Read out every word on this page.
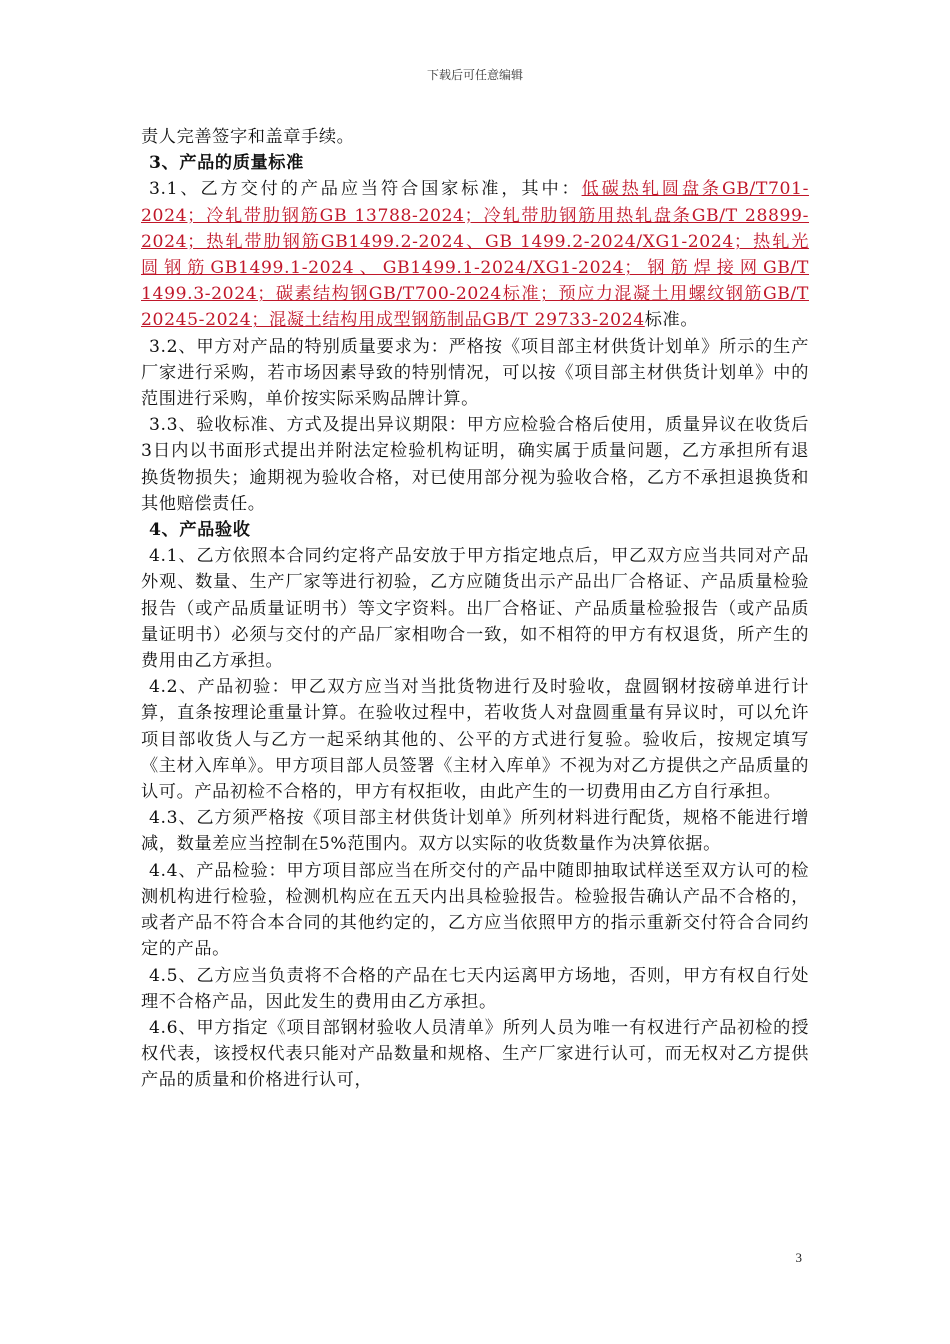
下载后可任意编辑

责人完善签字和盖章手续。

3、产品的质量标准

3.1、乙方交付的产品应当符合国家标准，其中：低碳热轧圆盘条GB/T701-2024；冷轧带肋钢筋GB 13788-2024；冷轧带肋钢筋用热轧盘条GB/T 28899-2024；热轧带肋钢筋GB1499.2-2024、GB 1499.2-2024/XG1-2024；热轧光圆钢筋GB1499.1-2024、GB1499.1-2024/XG1-2024；钢筋焊接网GB/T 1499.3-2024；碳素结构钢GB/T700-2024标准；预应力混凝土用螺纹钢筋GB/T 20245-2024；混凝土结构用成型钢筋制品GB/T 29733-2024标准。

3.2、甲方对产品的特别质量要求为：严格按《项目部主材供货计划单》所示的生产厂家进行采购，若市场因素导致的特别情况，可以按《项目部主材供货计划单》中的范围进行采购，单价按实际采购品牌计算。

3.3、验收标准、方式及提出异议期限：甲方应检验合格后使用，质量异议在收货后3日内以书面形式提出并附法定检验机构证明，确实属于质量问题，乙方承担所有退换货物损失；逾期视为验收合格，对已使用部分视为验收合格，乙方不承担退换货和其他赔偿责任。

4、产品验收

4.1、乙方依照本合同约定将产品安放于甲方指定地点后，甲乙双方应当共同对产品外观、数量、生产厂家等进行初验，乙方应随货出示产品出厂合格证、产品质量检验报告（或产品质量证明书）等文字资料。出厂合格证、产品质量检验报告（或产品质量证明书）必须与交付的产品厂家相吻合一致，如不相符的甲方有权退货，所产生的费用由乙方承担。

4.2、产品初验：甲乙双方应当对当批货物进行及时验收，盘圆钢材按磅单进行计算，直条按理论重量计算。在验收过程中，若收货人对盘圆重量有异议时，可以允许项目部收货人与乙方一起采纳其他的、公平的方式进行复验。验收后，按规定填写《主材入库单》。甲方项目部人员签署《主材入库单》不视为对乙方提供之产品质量的认可。产品初检不合格的，甲方有权拒收，由此产生的一切费用由乙方自行承担。

4.3、乙方须严格按《项目部主材供货计划单》所列材料进行配货，规格不能进行增减，数量差应当控制在5%范围内。双方以实际的收货数量作为决算依据。

4.4、产品检验：甲方项目部应当在所交付的产品中随即抽取试样送至双方认可的检测机构进行检验，检测机构应在五天内出具检验报告。检验报告确认产品不合格的，或者产品不符合本合同的其他约定的，乙方应当依照甲方的指示重新交付符合合同约定的产品。

4.5、乙方应当负责将不合格的产品在七天内运离甲方场地，否则，甲方有权自行处理不合格产品，因此发生的费用由乙方承担。

4.6、甲方指定《项目部钢材验收人员清单》所列人员为唯一有权进行产品初检的授权代表，该授权代表只能对产品数量和规格、生产厂家进行认可，而无权对乙方提供产品的质量和价格进行认可，

3
